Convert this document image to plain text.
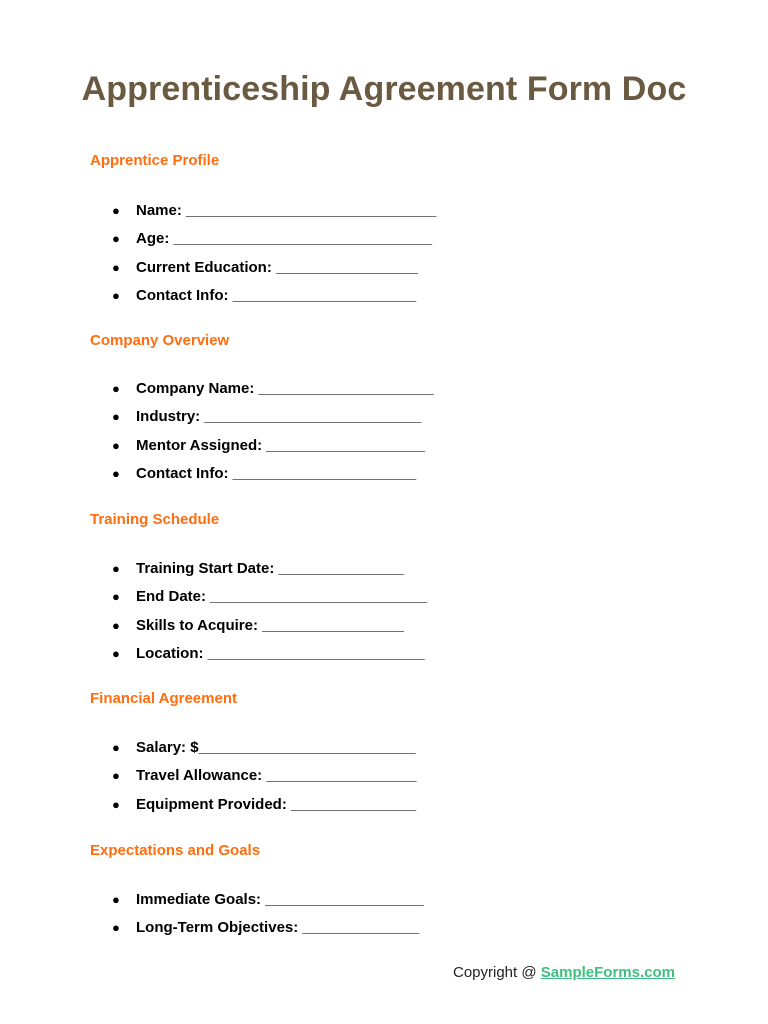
Apprenticeship Agreement Form Doc
Apprentice Profile
● Name: ______________________________
● Age: _______________________________
● Current Education: _________________
● Contact Info: ______________________
Company Overview
● Company Name: _____________________
● Industry: __________________________
● Mentor Assigned: ___________________
● Contact Info: ______________________
Training Schedule
● Training Start Date: _______________
● End Date: __________________________
● Skills to Acquire: _________________
● Location: __________________________
Financial Agreement
● Salary: $__________________________
● Travel Allowance: __________________
● Equipment Provided: _______________
Expectations and Goals
● Immediate Goals: ___________________
● Long-Term Objectives: ______________
Copyright @ SampleForms.com
